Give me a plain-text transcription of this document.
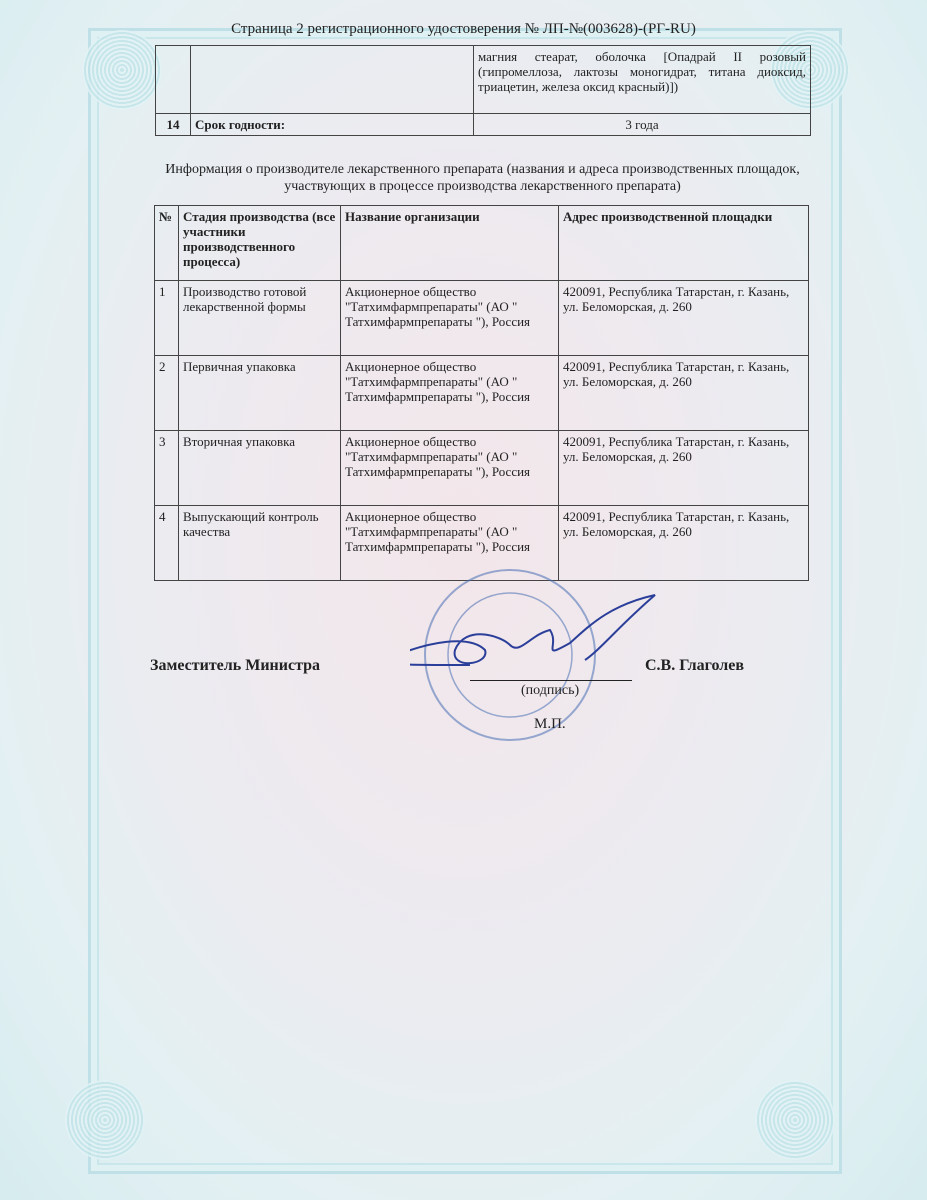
Страница 2 регистрационного удостоверения № ЛП-№(003628)-(РГ-RU)
		магния стеарат, оболочка [Опадрай II розовый
(гипромеллоза, лактозы моногидрат, титана диоксид,

триацетин, железа оксид красный)])

14	Срок годности:	3 года
Информация о производителе лекарственного препарата (названия и адреса производственных площадок, участвующих в процессе производства лекарственного препарата)
№	Стадия производства (все участники производственного процесса)	Название организации	Адрес производственной площадки
1	Производство готовой лекарственной формы	Акционерное общество "Татхимфармпрепараты" (АО " Татхимфармпрепараты "), Россия	420091, Республика Татарстан, г. Казань, ул. Беломорская, д. 260
2	Первичная упаковка	Акционерное общество "Татхимфармпрепараты" (АО " Татхимфармпрепараты "), Россия	420091, Республика Татарстан, г. Казань, ул. Беломорская, д. 260
3	Вторичная упаковка	Акционерное общество "Татхимфармпрепараты" (АО " Татхимфармпрепараты "), Россия	420091, Республика Татарстан, г. Казань, ул. Беломорская, д. 260
4	Выпускающий контроль качества	Акционерное общество "Татхимфармпрепараты" (АО " Татхимфармпрепараты "), Россия	420091, Республика Татарстан, г. Казань, ул. Беломорская, д. 260
Заместитель Министра	С.В. Глаголев
(подпись)
М.П.
